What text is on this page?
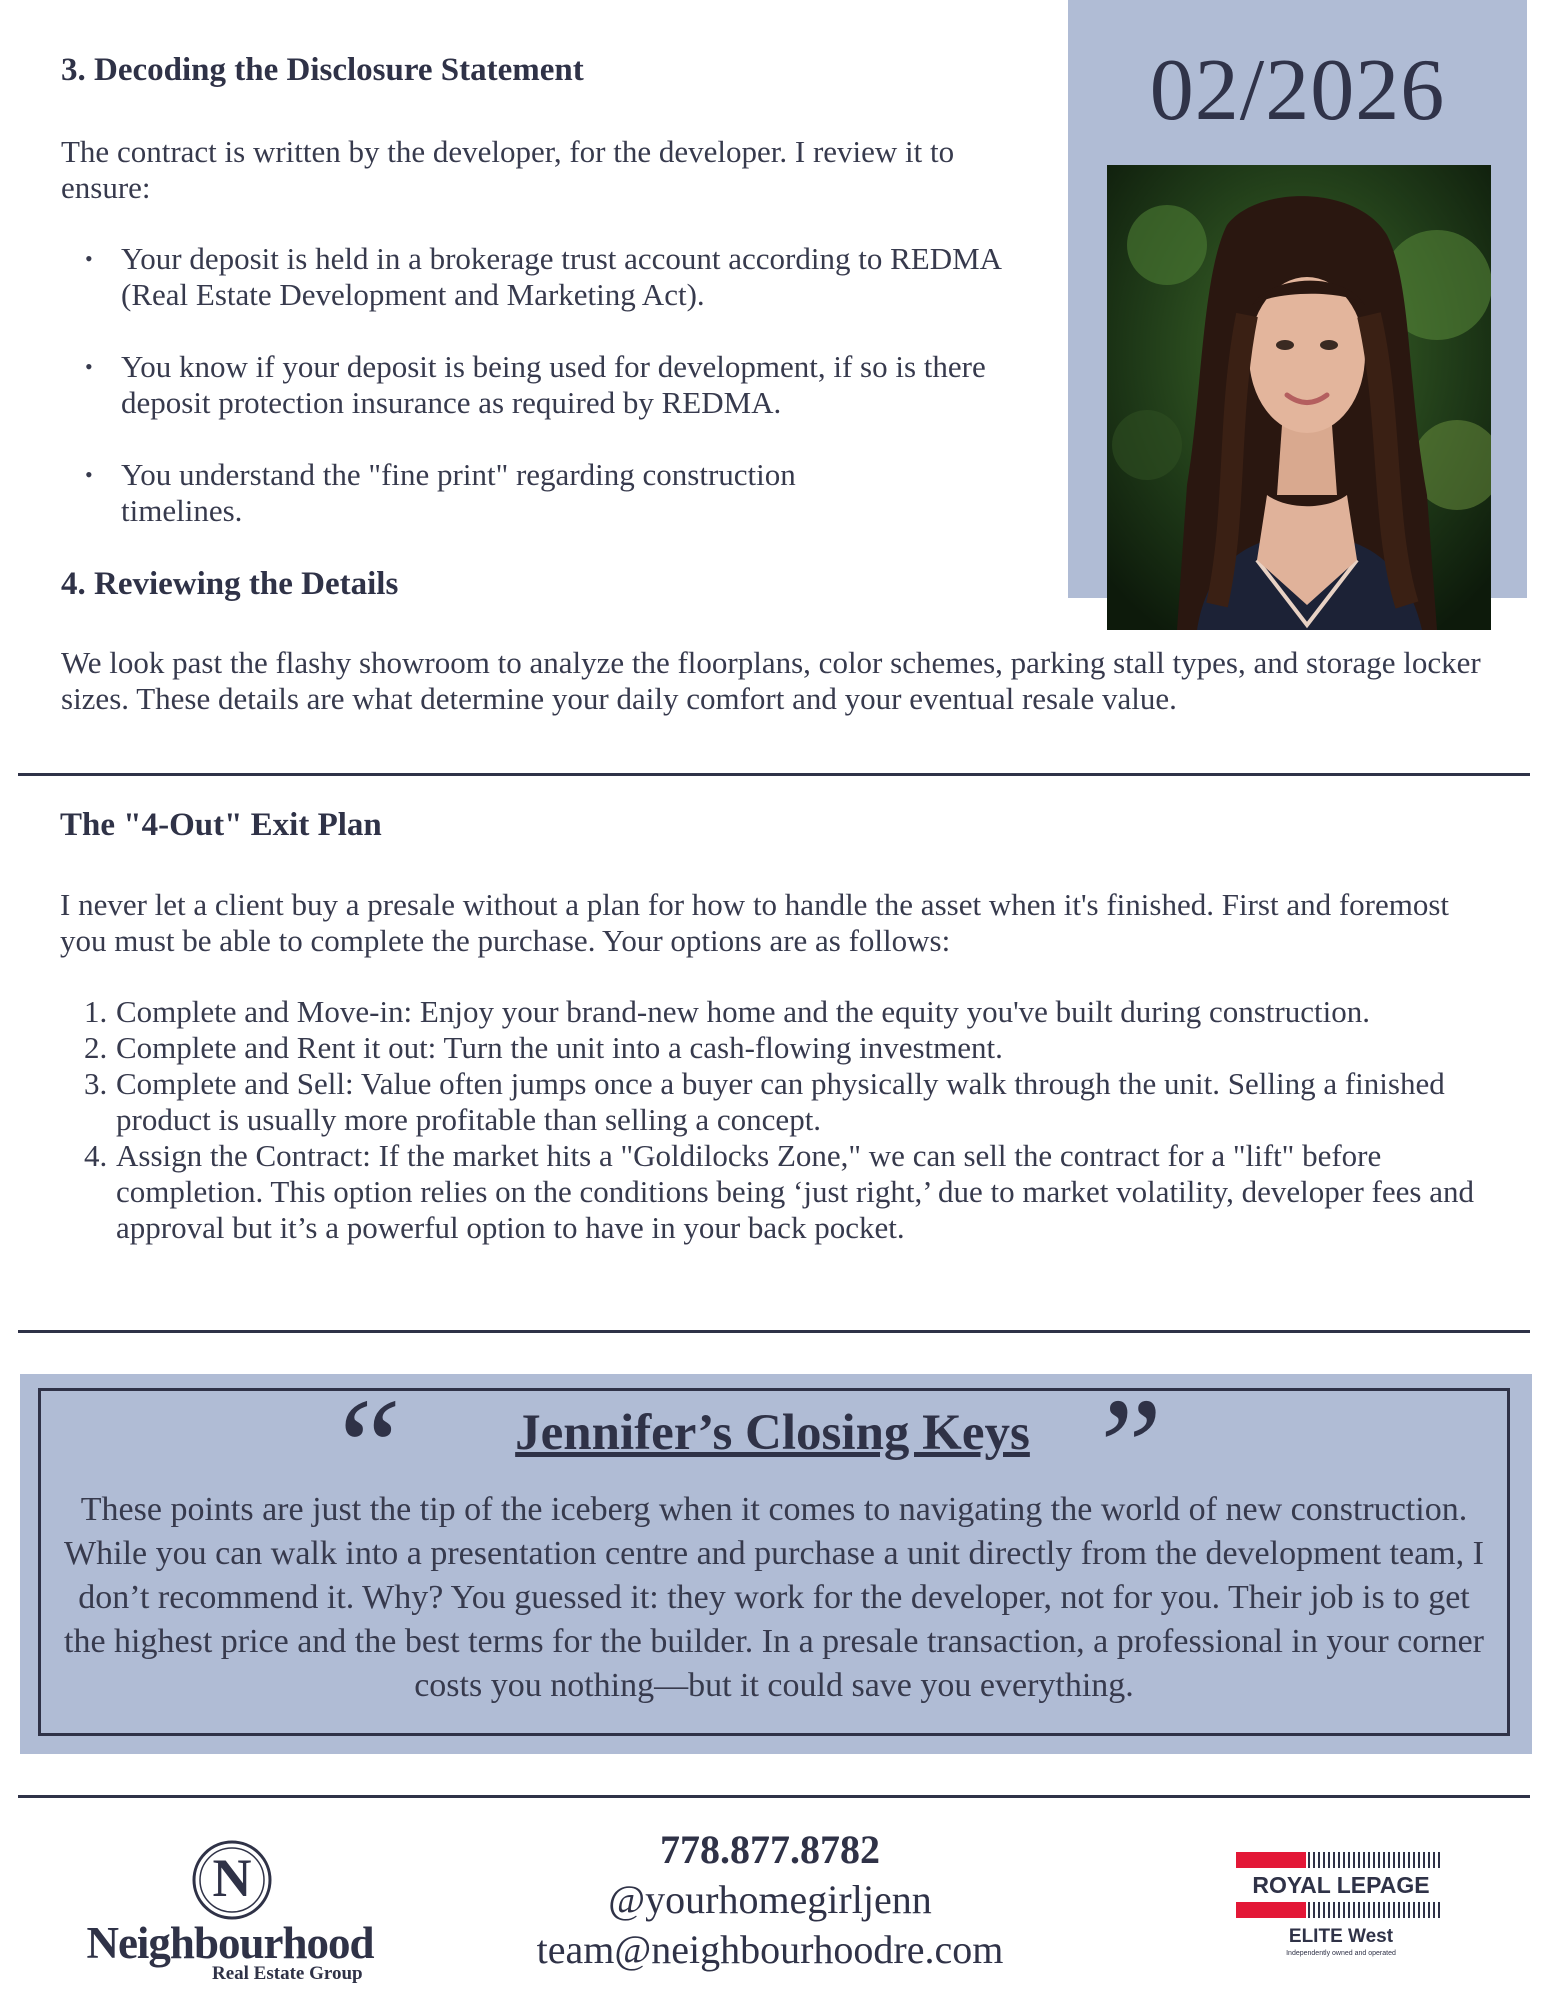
3. Decoding the Disclosure Statement
The contract is written by the developer, for the developer. I review it to ensure:
• Your deposit is held in a brokerage trust account according to REDMA (Real Estate Development and Marketing Act).
• You know if your deposit is being used for development, if so is there deposit protection insurance as required by REDMA.
• You understand the "fine print" regarding construction timelines.
02/2026
4. Reviewing the Details
We look past the flashy showroom to analyze the floorplans, color schemes, parking stall types, and storage locker sizes. These details are what determine your daily comfort and your eventual resale value.
The "4-Out" Exit Plan
I never let a client buy a presale without a plan for how to handle the asset when it's finished. First and foremost you must be able to complete the purchase. Your options are as follows:
1. Complete and Move-in: Enjoy your brand-new home and the equity you've built during construction.
2. Complete and Rent it out: Turn the unit into a cash-flowing investment.
3. Complete and Sell: Value often jumps once a buyer can physically walk through the unit. Selling a finished product is usually more profitable than selling a concept.
4. Assign the Contract: If the market hits a "Goldilocks Zone," we can sell the contract for a "lift" before completion. This option relies on the conditions being ‘just right,’ due to market volatility, developer fees and approval but it’s a powerful option to have in your back pocket.
“	Jennifer’s Closing Keys ”
These points are just the tip of the iceberg when it comes to navigating the world of new construction. While you can walk into a presentation centre and purchase a unit directly from the development team, I don’t recommend it. Why? You guessed it: they work for the developer, not for you. Their job is to get the highest price and the best terms for the builder. In a presale transaction, a professional in your corner costs you nothing—but it could save you everything.
N
Neighbourhood
Real Estate Group
778.877.8782
@yourhomegirljenn
team@neighbourhoodre.com
ROYAL LEPAGE
ELITE West
Independently owned and operated
